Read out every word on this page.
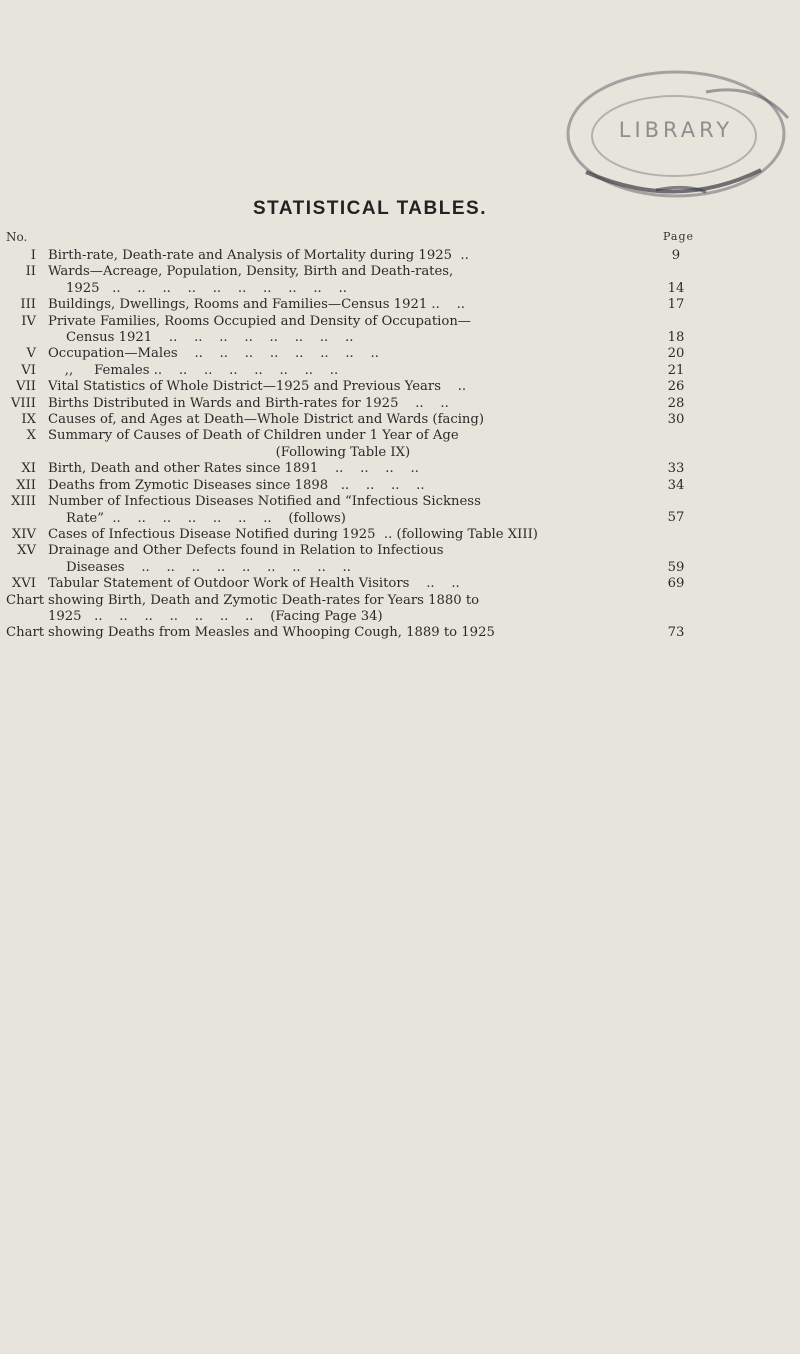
LIBRARY
STATISTICAL TABLES.
No.	Page
I Birth-rate, Death-rate and Analysis of Mortality during 1925  ..	9
II Wards—Acreage, Population, Density, Birth and Death-rates,
1925   ..    ..    ..    ..    ..    ..    ..    ..    ..    ..	14
III Buildings, Dwellings, Rooms and Families—Census 1921 ..    ..	17
IV Private Families, Rooms Occupied and Density of Occupation—
Census 1921    ..    ..    ..    ..    ..    ..    ..    ..	18
V Occupation—Males    ..    ..    ..    ..    ..    ..    ..    ..	20
VI ,,     Females ..    ..    ..    ..    ..    ..    ..    ..	21
VII Vital Statistics of Whole District—1925 and Previous Years    ..	26
VIII Births Distributed in Wards and Birth-rates for 1925    ..    ..	28
IX Causes of, and Ages at Death—Whole District and Wards (facing)	30
X Summary of Causes of Death of Children under 1 Year of Age
(Following Table IX)
XI Birth, Death and other Rates since 1891    ..    ..    ..    ..	33
XII Deaths from Zymotic Diseases since 1898   ..    ..    ..    ..	34
XIII Number of Infectious Diseases Notified and “Infectious Sickness
Rate”  ..    ..    ..    ..    ..    ..    ..    (follows)	57
XIV Cases of Infectious Disease Notified during 1925  .. (following Table XIII)
XV Drainage and Other Defects found in Relation to Infectious
Diseases    ..    ..    ..    ..    ..    ..    ..    ..    ..	59
XVI Tabular Statement of Outdoor Work of Health Visitors    ..    ..	69
Chart showing Birth, Death and Zymotic Death-rates for Years 1880 to
1925   ..    ..    ..    ..    ..    ..    ..    (Facing Page 34)
Chart showing Deaths from Measles and Whooping Cough, 1889 to 1925	73
